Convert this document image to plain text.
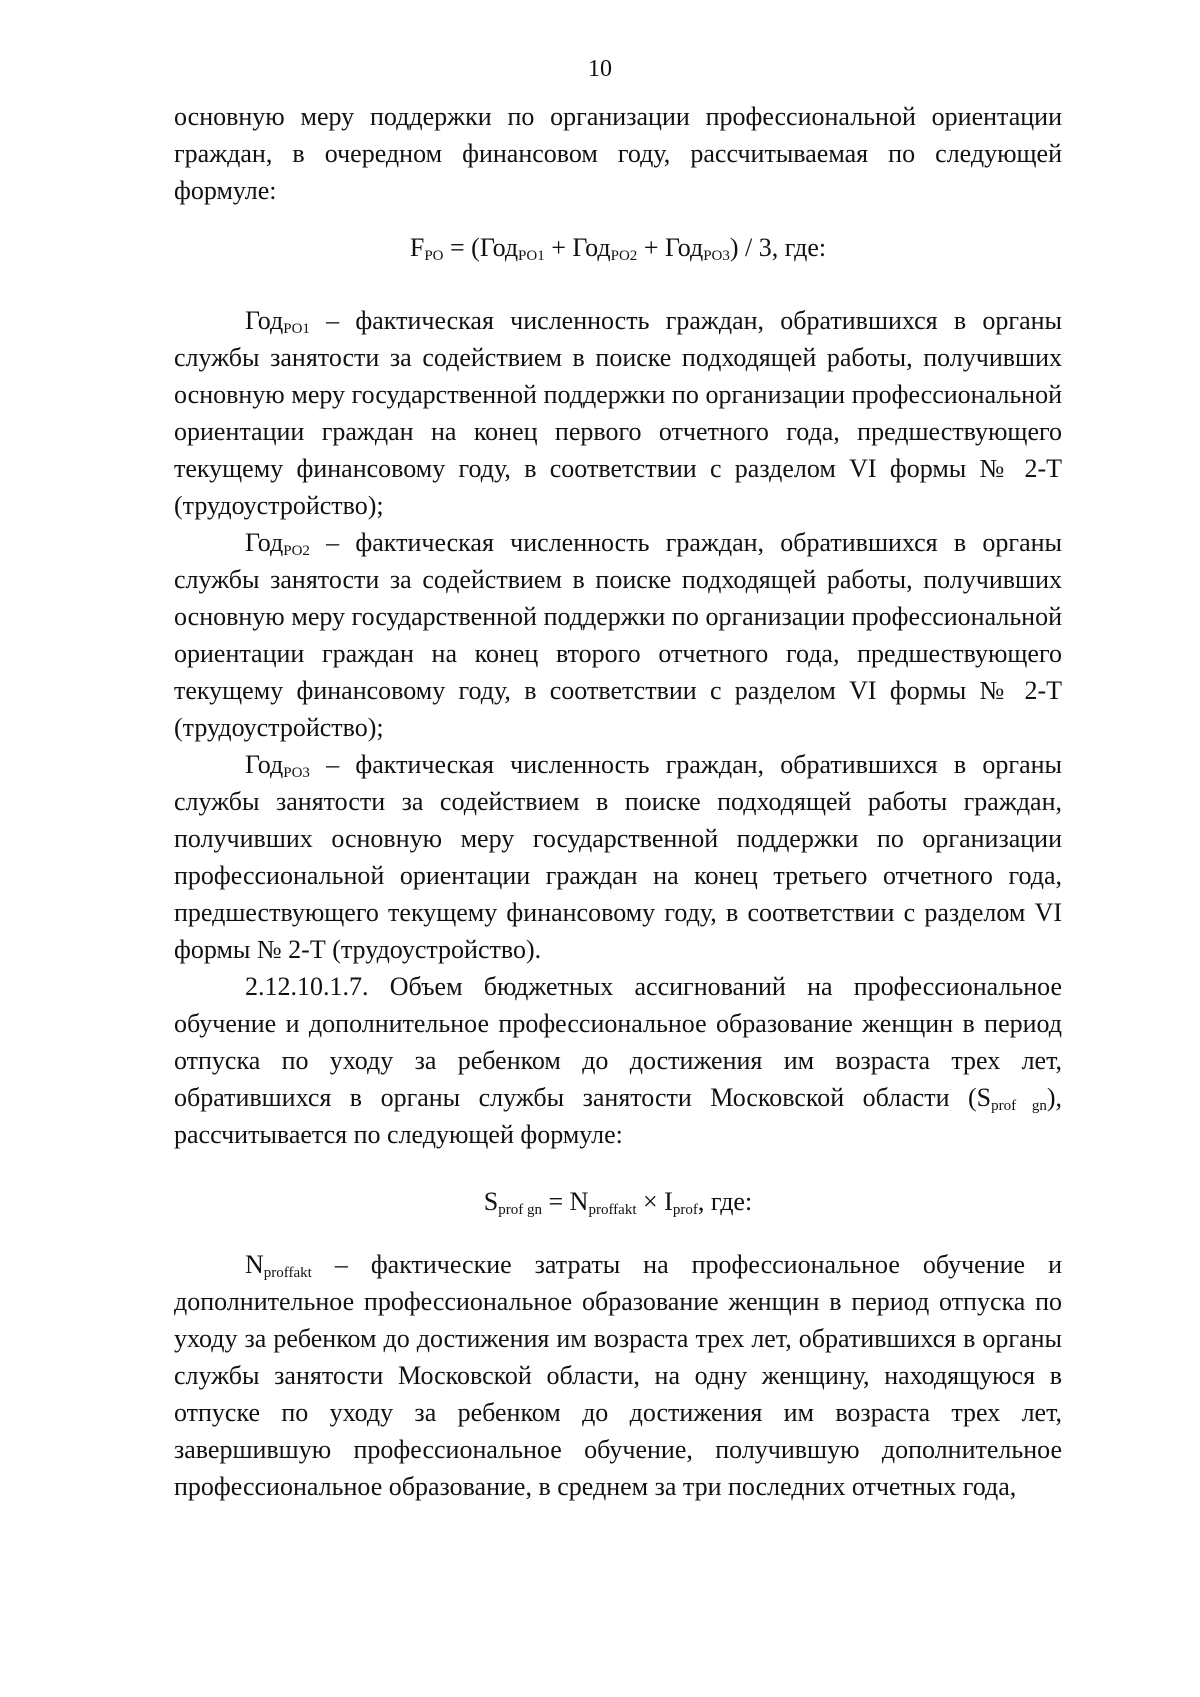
10

основную меру поддержки по организации профессиональной ориентации граждан, в очередном финансовом году, рассчитываемая по следующей формуле:

$F_{PO} = (Год_{PO1} + Год_{PO2} + Год_{PO3}) / 3$, где:

Год$_{PO1}$ – фактическая численность граждан, обратившихся в органы службы занятости за содействием в поиске подходящей работы, получивших основную меру государственной поддержки по организации профессиональной ориентации граждан на конец первого отчетного года, предшествующего текущему финансовому году, в соответствии с разделом VI формы № 2-Т (трудоустройство);

Год$_{PO2}$ – фактическая численность граждан, обратившихся в органы службы занятости за содействием в поиске подходящей работы, получивших основную меру государственной поддержки по организации профессиональной ориентации граждан на конец второго отчетного года, предшествующего текущему финансовому году, в соответствии с разделом VI формы № 2-Т (трудоустройство);

Год$_{PO3}$ – фактическая численность граждан, обратившихся в органы службы занятости за содействием в поиске подходящей работы граждан, получивших основную меру государственной поддержки по организации профессиональной ориентации граждан на конец третьего отчетного года, предшествующего текущему финансовому году, в соответствии с разделом VI формы № 2-Т (трудоустройство).

2.12.10.1.7. Объем бюджетных ассигнований на профессиональное обучение и дополнительное профессиональное образование женщин в период отпуска по уходу за ребенком до достижения им возраста трех лет, обратившихся в органы службы занятости Московской области $(S_{prof gn})$, рассчитывается по следующей формуле:

$S_{prof gn} = N_{proffakt} \times I_{prof}$, где:

$N_{proffakt}$ – фактические затраты на профессиональное обучение и дополнительное профессиональное образование женщин в период отпуска по уходу за ребенком до достижения им возраста трех лет, обратившихся в органы службы занятости Московской области, на одну женщину, находящуюся в отпуске по уходу за ребенком до достижения им возраста трех лет, завершившую профессиональное обучение, получившую дополнительное профессиональное образование, в среднем за три последних отчетных года,
